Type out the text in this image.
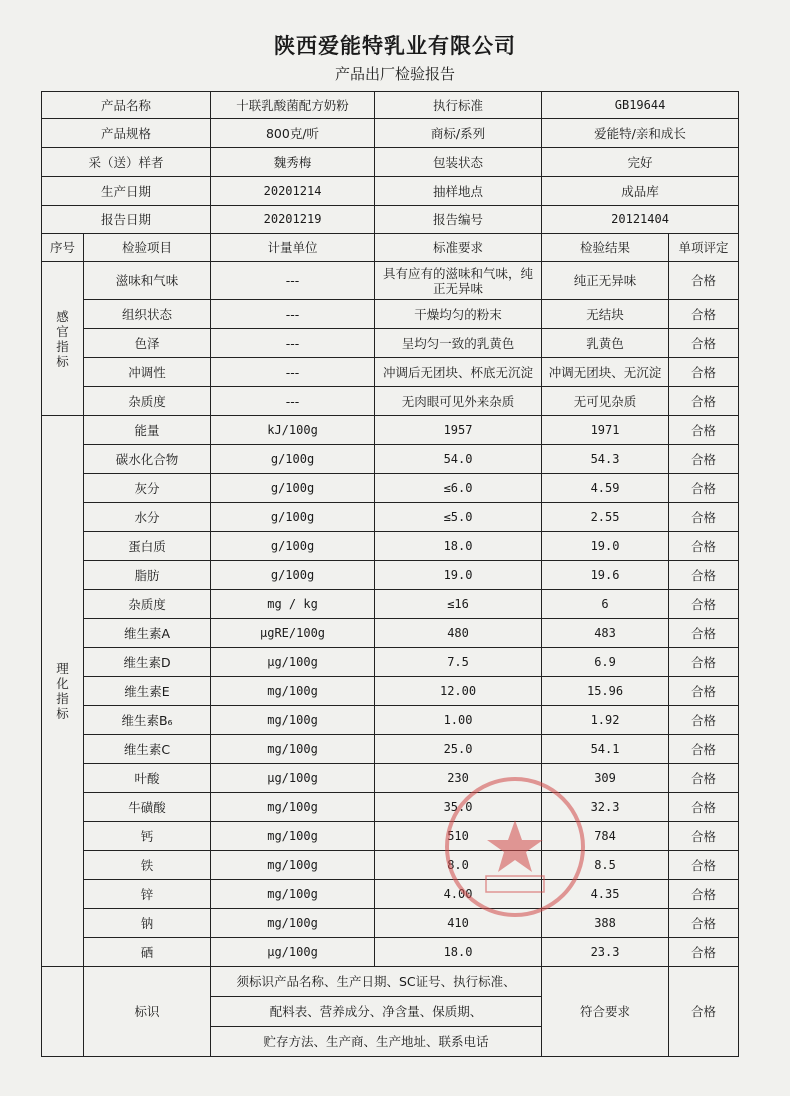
陕西爱能特乳业有限公司
产品出厂检验报告
产品名称		十联乳酸菌配方奶粉	执行标准	GB19644	
产品规格		800克/听	商标/系列	爱能特/亲和成长	
采（送）样者		魏秀梅	包装状态	完好	
生产日期		20201214	抽样地点	成品库	
报告日期		20201219	报告编号	20121404	
序号	检验项目	计量单位	标准要求	检验结果	单项评定

感
官
指
标	滋味和气味	---	具有应有的滋味和气味，纯正无异味	纯正无异味	合格
	组织状态	---	干燥均匀的粉末	无结块	合格
	色泽	---	呈均匀一致的乳黄色	乳黄色	合格
	冲调性	---	冲调后无团块、杯底无沉淀	冲调无团块、无沉淀	合格
	杂质度	---	无肉眼可见外来杂质	无可见杂质	合格

理
化
指
标	能量	kJ/100g	1957	1971	合格
	碳水化合物	g/100g	54.0	54.3	合格
	灰分	g/100g	≤6.0	4.59	合格
	水分	g/100g	≤5.0	2.55	合格
	蛋白质	g/100g	18.0	19.0	合格
	脂肪	g/100g	19.0	19.6	合格
	杂质度	mg / kg	≤16	6	合格
	维生素A	μgRE/100g	480	483	合格
	维生素D	μg/100g	7.5	6.9	合格
	维生素E	mg/100g	12.00	15.96	合格
	维生素B₆	mg/100g	1.00	1.92	合格
	维生素C	mg/100g	25.0	54.1	合格
	叶酸	μg/100g	230	309	合格
	牛磺酸	mg/100g	35.0	32.3	合格
	钙	mg/100g	510	784	合格
	铁	mg/100g	8.0	8.5	合格
	锌	mg/100g	4.00	4.35	合格
	钠	mg/100g	410	388	合格
	硒	μg/100g	18.0	23.3	合格
	标识	须标识产品名称、生产日期、SC证号、执行标准、
配料表、营养成分、净含量、保质期、
贮存方法、生产商、生产地址、联系电话		符合要求	合格
